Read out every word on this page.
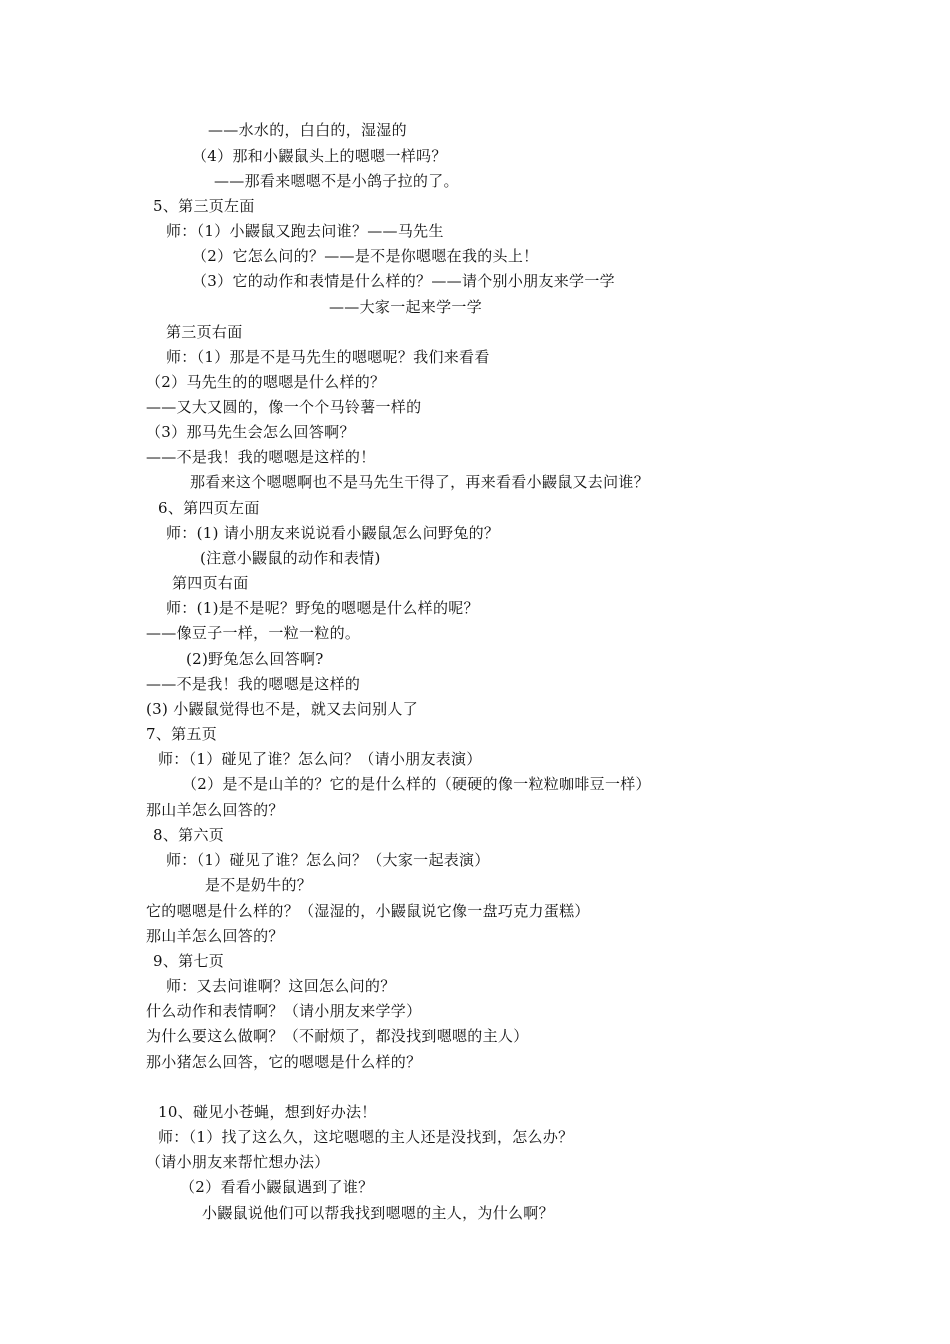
——水水的，白白的，湿湿的
（4）那和小鼹鼠头上的嗯嗯一样吗？
——那看来嗯嗯不是小鸽子拉的了。
5、第三页左面
师：（1）小鼹鼠又跑去问谁？——马先生
（2）它怎么问的？——是不是你嗯嗯在我的头上！
（3）它的动作和表情是什么样的？——请个别小朋友来学一学
——大家一起来学一学
第三页右面
师：（1）那是不是马先生的嗯嗯呢？我们来看看
（2）马先生的的嗯嗯是什么样的？
——又大又圆的，像一个个马铃薯一样的
（3）那马先生会怎么回答啊？
——不是我！我的嗯嗯是这样的！
那看来这个嗯嗯啊也不是马先生干得了，再来看看小鼹鼠又去问谁？
6、第四页左面
师：(1) 请小朋友来说说看小鼹鼠怎么问野兔的？
(注意小鼹鼠的动作和表情)
第四页右面
师：(1)是不是呢？野兔的嗯嗯是什么样的呢？
——像豆子一样，一粒一粒的。
(2)野兔怎么回答啊?
——不是我！我的嗯嗯是这样的
(3) 小鼹鼠觉得也不是，就又去问别人了
7、第五页
师：（1）碰见了谁？怎么问？（请小朋友表演）
（2）是不是山羊的？它的是什么样的（硬硬的像一粒粒咖啡豆一样）
那山羊怎么回答的？
8、第六页
师：（1）碰见了谁？怎么问？（大家一起表演）
是不是奶牛的？
它的嗯嗯是什么样的？（湿湿的，小鼹鼠说它像一盘巧克力蛋糕）
那山羊怎么回答的？
9、第七页
师：又去问谁啊？这回怎么问的？
什么动作和表情啊？（请小朋友来学学）
为什么要这么做啊？（不耐烦了，都没找到嗯嗯的主人）
那小猪怎么回答，它的嗯嗯是什么样的？
10、碰见小苍蝇，想到好办法！
师：（1）找了这么久，这坨嗯嗯的主人还是没找到，怎么办？
（请小朋友来帮忙想办法）
（2）看看小鼹鼠遇到了谁？
小鼹鼠说他们可以帮我找到嗯嗯的主人，为什么啊？
